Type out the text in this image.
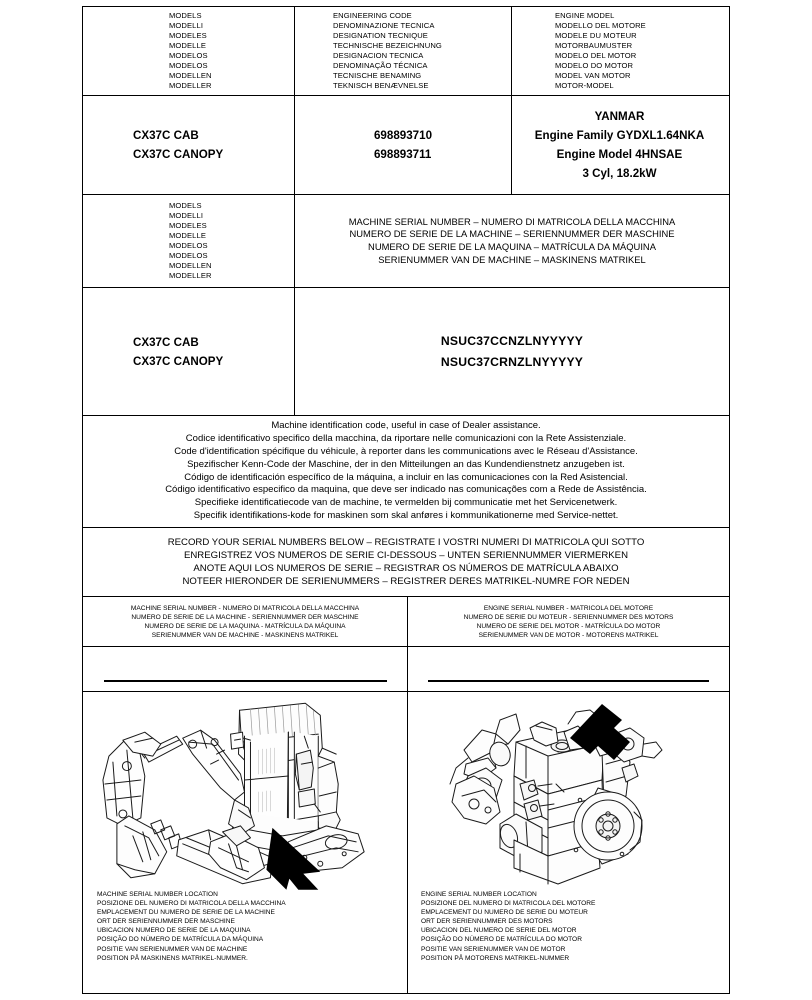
MODELS
MODELLI
MODELES
MODELLE
MODELOS
MODELOS
MODELLEN
MODELLER
ENGINEERING CODE
DENOMINAZIONE TECNICA
DESIGNATION TECNIQUE
TECHNISCHE BEZEICHNUNG
DESIGNACION TECNICA
DENOMINAÇÃO TÉCNICA
TECNISCHE BENAMING
TEKNISCH BENÆVNELSE
ENGINE MODEL
MODELLO DEL MOTORE
MODELE DU MOTEUR
MOTORBAUMUSTER
MODELO DEL MOTOR
MODELO DO MOTOR
MODEL VAN MOTOR
MOTOR-MODEL
CX37C CAB
CX37C CANOPY
698893710
698893711
YANMAR
Engine Family GYDXL1.64NKA
Engine Model 4HNSAE
3 Cyl, 18.2kW
MODELS
MODELLI
MODELES
MODELLE
MODELOS
MODELOS
MODELLEN
MODELLER
MACHINE SERIAL NUMBER – NUMERO DI MATRICOLA DELLA MACCHINA
NUMERO DE SERIE DE LA MACHINE – SERIENNUMMER DER MASCHINE
NUMERO DE SERIE DE LA MAQUINA – MATRÍCULA DA MÁQUINA
SERIENUMMER VAN DE MACHINE – MASKINENS MATRIKEL
CX37C CAB
CX37C CANOPY
NSUC37CCNZLNYYYYY
NSUC37CRNZLNYYYYY
Machine identification code, useful in case of Dealer assistance.
Codice identificativo specifico della macchina, da riportare nelle comunicazioni con la Rete Assistenziale.
Code d'identification spécifique du véhicule, à reporter dans les communications avec le Réseau d'Assistance.
Spezifischer Kenn-Code der Maschine, der in den Mitteilungen an das Kundendienstnetz anzugeben ist.
Código de identificación específico de la máquina, a incluir en las comunicaciones con la Red Asistencial.
Código identificativo especifico da maquina, que deve ser indicado nas comunicações com a Rede de Assistência.
Specifieke identificatiecode van de machine, te vermelden bij communicatie met het Servicenetwerk.
Specifik identifikations-kode for maskinen som skal anføres i kommunikationerne med Service-nettet.
RECORD YOUR SERIAL NUMBERS BELOW – REGISTRATE I VOSTRI NUMERI DI MATRICOLA QUI SOTTO
ENREGISTREZ VOS NUMEROS DE SERIE CI-DESSOUS – UNTEN SERIENNUMMER VIERMERKEN
ANOTE AQUI LOS NUMEROS DE SERIE – REGISTRAR OS NÚMEROS DE MATRÍCULA ABAIXO
NOTEER HIERONDER DE SERIENUMMERS – REGISTRER DERES MATRIKEL-NUMRE FOR NEDEN
MACHINE SERIAL NUMBER - NUMERO DI MATRICOLA DELLA MACCHINA
NUMERO DE SERIE DE LA MACHINE - SERIENNUMMER DER MASCHINE
NUMERO DE SERIE DE LA MAQUINA - MATRÍCULA DA MÁQUINA
SERIENUMMER VAN DE MACHINE - MASKINENS MATRIKEL
ENGINE SERIAL NUMBER - MATRICOLA DEL MOTORE
NUMERO DE SERIE DU MOTEUR - SERIENNUMMER DES MOTORS
NUMERO DE SERIE DEL MOTOR - MATRÍCULA DO MOTOR
SERIENUMMER VAN DE MOTOR - MOTORENS MATRIKEL
MACHINE SERIAL NUMBER LOCATION
POSIZIONE DEL NUMERO DI MATRICOLA DELLA MACCHINA
EMPLACEMENT DU NUMERO DE SERIE DE LA MACHINE
ORT DER SERIENNUMMER DER MASCHINE
UBICACION NUMERO DE SERIE DE LA MAQUINA
POSIÇÃO DO NÚMERO DE MATRÍCULA DA MÁQUINA
POSITIE VAN SERIENUMMER VAN DE MACHINE
POSITION PÅ MASKINENS MATRIKEL-NUMMER.
ENGINE SERIAL NUMBER LOCATION
POSIZIONE DEL NUMERO DI MATRICOLA DEL MOTORE
EMPLACEMENT DU NUMERO DE SERIE DU MOTEUR
ORT DER SERIENNUMMER DES MOTORS
UBICACION DEL NUMERO DE SERIE DEL MOTOR
POSIÇÃO DO NÚMERO DE MATRÍCULA DO MOTOR
POSITIE VAN SERIENUMMER VAN DE MOTOR
POSITION PÅ MOTORENS MATRIKEL-NUMMER
